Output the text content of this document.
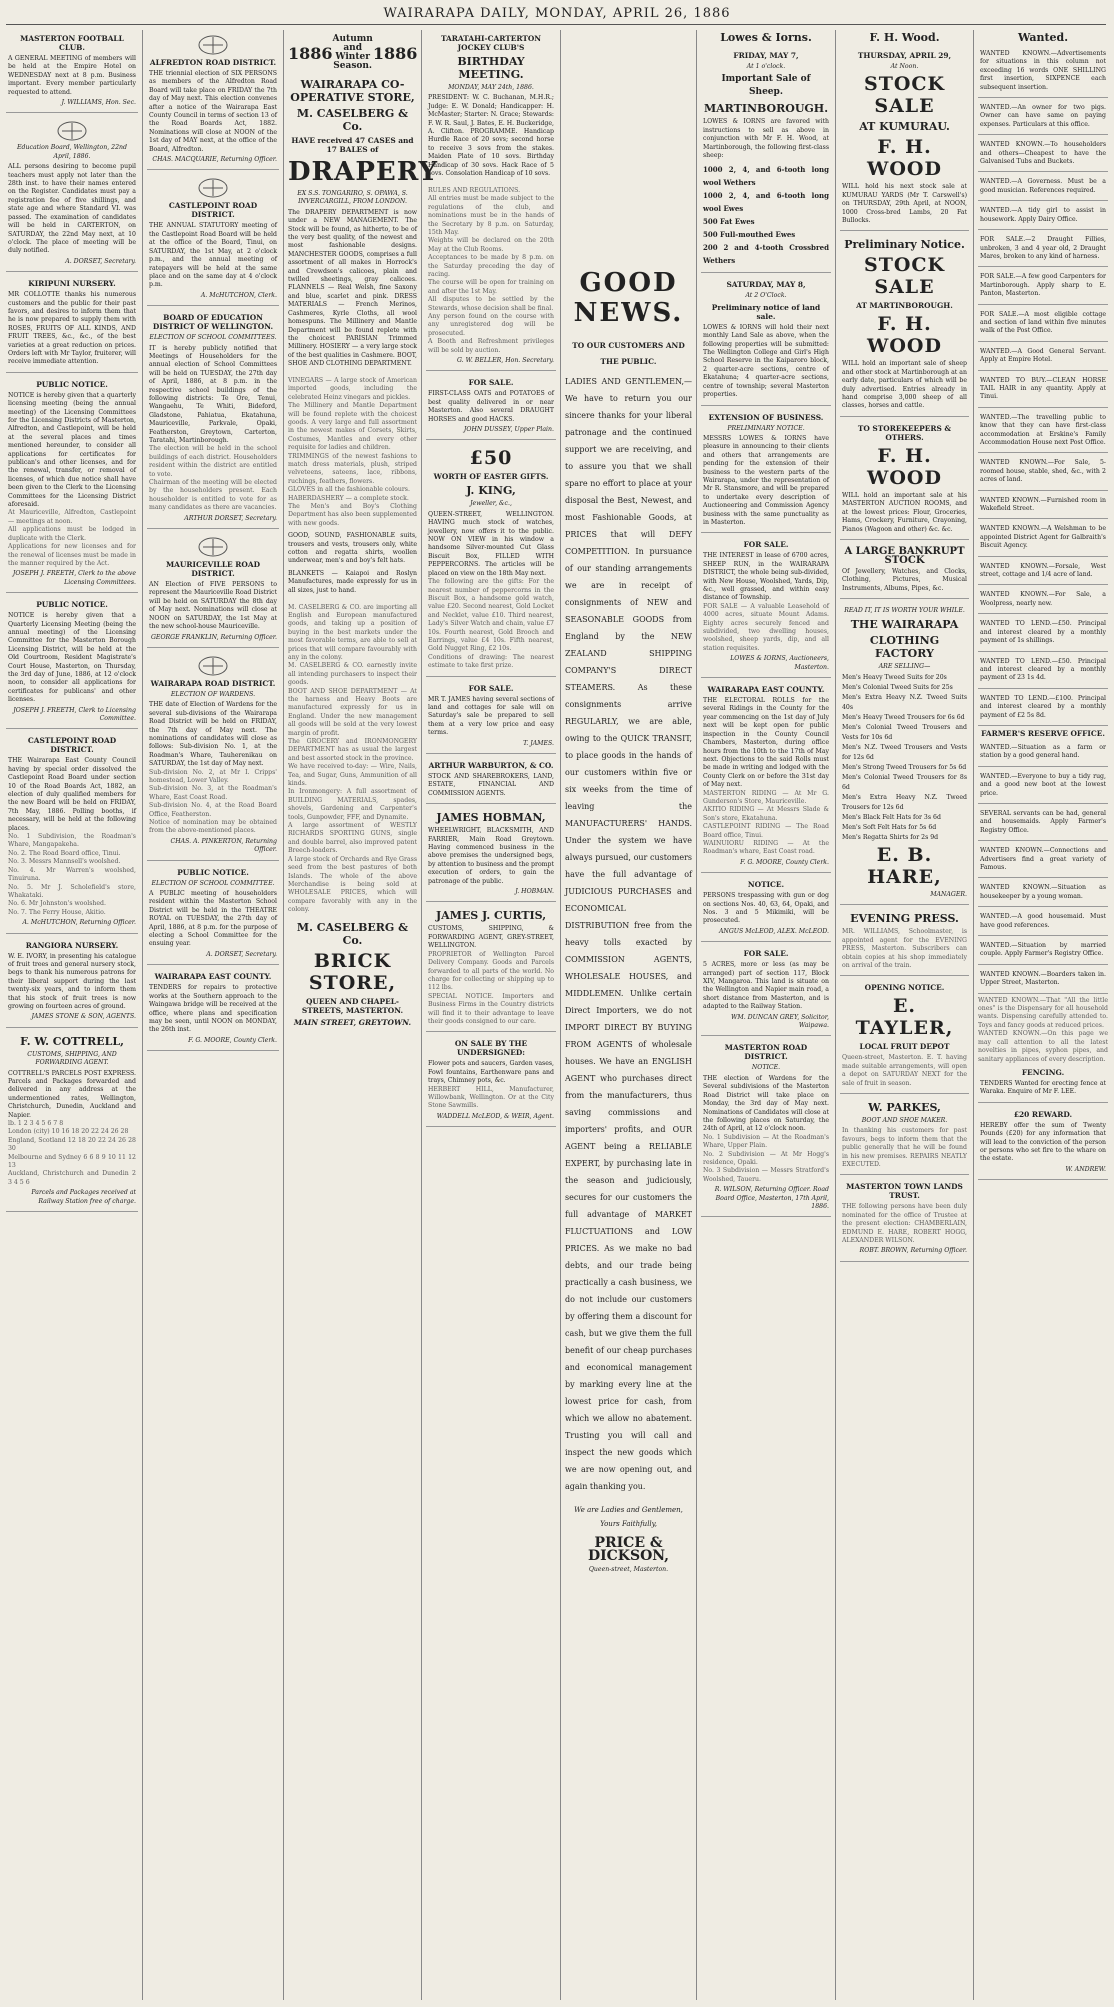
WAIRARAPA DAILY, MONDAY, APRIL 26, 1886
MASTERTON FOOTBALL CLUB.
A GENERAL MEETING of members will be held at the Empire Hotel on WEDNESDAY next at 8 p.m. Business important. Every member particularly requested to attend.
J. WILLIAMS, Hon. Sec.
Education Board, Wellington, 22nd April, 1886.
ALL persons desiring to become pupil teachers must apply not later than the 28th inst. to have their names entered on the Register. Candidates must pay a registration fee of five shillings, and state age and where Standard VI. was passed. The examination of candidates will be held in CARTERTON, on SATURDAY, the 22nd May next, at 10 o'clock. The place of meeting will be duly notified.
A. DORSET, Secretary.
KIRIPUNI NURSERY.
MR COLLOTTE thanks his numerous customers and the public for their past favors, and desires to inform them that he is now prepared to supply them with ROSES, FRUITS OF ALL KINDS, AND FRUIT TREES, &c., &c., of the best varieties at a great reduction on prices. Orders left with Mr Taylor, fruiterer, will receive immediate attention.
PUBLIC NOTICE.
NOTICE is hereby given that a quarterly licensing meeting (being the annual meeting) of the Licensing Committees for the Licensing Districts of Masterton, Alfredton, and Castlepoint, will be held at the several places and times mentioned hereunder, to consider all applications for certificates for publican's and other licenses, and for the renewal, transfer, or removal of licenses, of which due notice shall have been given to the Clerk to the Licensing Committees for the Licensing District aforesaid.
At Mauriceville, Alfredton, Castlepoint — meetings at noon.
All applications must be lodged in duplicate with the Clerk.
Applications for new licenses and for the renewal of licenses must be made in the manner required by the Act.
JOSEPH J. FREETH, Clerk to the above Licensing Committees.
PUBLIC NOTICE.
NOTICE is hereby given that a Quarterly Licensing Meeting (being the annual meeting) of the Licensing Committee for the Masterton Borough Licensing District, will be held at the Old Courtroom, Resident Magistrate's Court House, Masterton, on Thursday, the 3rd day of June, 1886, at 12 o'clock noon, to consider all applications for certificates for publicans' and other licenses.
JOSEPH J. FREETH, Clerk to Licensing Committee.
CASTLEPOINT ROAD DISTRICT.
THE Wairarapa East County Council having by special order dissolved the Castlepoint Road Board under section 10 of the Road Boards Act, 1882, an election of duly qualified members for the new Board will be held on FRIDAY, 7th May, 1886. Polling booths, if necessary, will be held at the following places.
No. 1 Subdivision, the Roadman's Whare, Mangapakeha.
No. 2. The Road Board office, Tinui.
No. 3. Messrs Mannsell's woolshed.
No. 4. Mr Warren's woolshed, Tinuiruna.
No. 5. Mr J. Scholefield's store, Whakataki.
No. 6. Mr Johnston's woolshed.
No. 7. The Ferry House, Akitio.
A. McHUTCHON, Returning Officer.
RANGIORA NURSERY.
W. E. IVORY, in presenting his catalogue of fruit trees and general nursery stock, begs to thank his numerous patrons for their liberal support during the last twenty-six years, and to inform them that his stock of fruit trees is now growing on fourteen acres of ground.
JAMES STONE & SON, AGENTS.
F. W. COTTRELL,
CUSTOMS, SHIPPING, AND FORWARDING AGENT.
COTTRELL'S PARCELS POST EXPRESS. Parcels and Packages forwarded and delivered in any address at the undermentioned rates, Wellington, Christchurch, Dunedin, Auckland and Napier.
lb. 1 2 3 4 5 6 7 8
London (city) 10 16 18 20 22 24 26 28
England, Scotland 12 18 20 22 24 26 28 30
Melbourne and Sydney 6 6 8 9 10 11 12 13
Auckland, Christchurch and Dunedin 2 3 4 5 6
Parcels and Packages received at Railway Station free of charge.
ALFREDTON ROAD DISTRICT.
THE triennial election of SIX PERSONS as members of the Alfredton Road Board will take place on FRIDAY the 7th day of May next. This election convenes after a notice of the Wairarapa East County Council in terms of section 13 of the Road Boards Act, 1882. Nominations will close at NOON of the 1st day of MAY next, at the office of the Board, Alfredton.
CHAS. MACQUARIE, Returning Officer.
CASTLEPOINT ROAD DISTRICT.
THE ANNUAL STATUTORY meeting of the Castlepoint Road Board will be held at the office of the Board, Tinui, on SATURDAY, the 1st May, at 2 o'clock p.m., and the annual meeting of ratepayers will be held at the same place and on the same day at 4 o'clock p.m.
A. McHUTCHON, Clerk.
BOARD OF EDUCATION DISTRICT OF WELLINGTON.
ELECTION OF SCHOOL COMMITTEES.
IT is hereby publicly notified that Meetings of Householders for the annual election of School Committees will be held on TUESDAY, the 27th day of April, 1886, at 8 p.m. in the respective school buildings of the following districts: Te Ore, Tenui, Wangaehu, Te Whiti, Bideford, Gladstone, Pahiatua, Ekatahuna, Mauriceville, Parkvale, Opaki, Featherston, Greytown, Carterton, Taratahi, Martinborough.
The election will be held in the school buildings of each district. Householders resident within the district are entitled to vote.
Chairman of the meeting will be elected by the householders present. Each householder is entitled to vote for as many candidates as there are vacancies.
ARTHUR DORSET, Secretary.
MAURICEVILLE ROAD DISTRICT.
AN Election of FIVE PERSONS to represent the Mauriceville Road District will be held on SATURDAY the 8th day of May next. Nominations will close at NOON on SATURDAY, the 1st May at the new school-house Mauriceville.
GEORGE FRANKLIN, Returning Officer.
WAIRARAPA ROAD DISTRICT.
ELECTION OF WARDENS.
THE date of Election of Wardens for the several sub-divisions of the Wairarapa Road District will be held on FRIDAY, the 7th day of May next. The nominations of candidates will close as follows: Sub-division No. 1, at the Roadman's Whare, Tauherenikau on SATURDAY, the 1st day of May next.
Sub-division No. 2, at Mr I. Cripps' homestead, Lower Valley.
Sub-division No. 3, at the Roadman's Whare, East Coast Road.
Sub-division No. 4, at the Road Board Office, Featherston.
Notice of nomination may be obtained from the above-mentioned places.
CHAS. A. PINKERTON, Returning Officer.
PUBLIC NOTICE.
ELECTION OF SCHOOL COMMITTEE.
A PUBLIC meeting of householders resident within the Masterton School District will be held in the THEATRE ROYAL on TUESDAY, the 27th day of April, 1886, at 8 p.m. for the purpose of electing a School Committee for the ensuing year.
A. DORSET, Secretary.
WAIRARAPA EAST COUNTY.
TENDERS for repairs to protective works at the Southern approach to the Waingawa bridge will be received at the office, where plans and specification may be seen, until NOON on MONDAY, the 26th inst.
F. G. MOORE, County Clerk.
1886
Autumn and Winter Season.
1886
WAIRARAPA CO-OPERATIVE STORE,
M. CASELBERG & Co.
HAVE received 47 CASES and 17 BALES of
DRAPERY
EX S.S. TONGARIRO, S. OPAWA, S. INVERCARGILL, FROM LONDON.
The DRAPERY DEPARTMENT is now under a NEW MANAGEMENT. The Stock will be found, as hitherto, to be of the very best quality, of the newest and most fashionable designs. MANCHESTER GOODS, comprises a full assortment of all makes in Horrock's and Crewdson's calicoes, plain and twilled sheetings, gray calicoes. FLANNELS — Real Welsh, fine Saxony and blue, scarlet and pink. DRESS MATERIALS — French Merinos, Cashmeres, Kyrle Cloths, all wool homespuns. The Millinery and Mantle Department will be found replete with the choicest PARISIAN Trimmed Millinery. HOSIERY — a very large stock of the best qualities in Cashmere. BOOT, SHOE AND CLOTHING DEPARTMENT.

VINEGARS — A large stock of American imported goods, including the celebrated Heinz vinegars and pickles.
The Millinery and Mantle Department will be found replete with the choicest goods. A very large and full assortment in the newest makes of Corsets, Skirts, Costumes, Mantles and every other requisite for ladies and children.
TRIMMINGS of the newest fashions to match dress materials, plush, striped velveteens, sateens, lace, ribbons, ruchings, feathers, flowers.
GLOVES in all the fashionable colours.
HABERDASHERY — a complete stock.
The Men's and Boy's Clothing Department has also been supplemented with new goods.
GOOD, SOUND, FASHIONABLE suits, trousers and vests, trousers only, white cotton and regatta shirts, woollen underwear, men's and boy's felt hats.
BLANKETS — Kaiapoi and Roslyn Manufactures, made expressly for us in all sizes, just to hand.

M. CASELBERG & CO. are importing all English and European manufactured goods, and taking up a position of buying in the best markets under the most favorable terms, are able to sell at prices that will compare favourably with any in the colony.
M. CASELBERG & CO. earnestly invite all intending purchasers to inspect their goods.
BOOT AND SHOE DEPARTMENT — At the harness and Heavy Boots are manufactured expressly for us in England. Under the new management all goods will be sold at the very lowest margin of profit.
The GROCERY and IRONMONGERY DEPARTMENT has as usual the largest and best assorted stock in the province.
We have received to-day: — Wire, Nails, Tea, and Sugar, Guns, Ammunition of all kinds.
In Ironmongery: A full assortment of BUILDING MATERIALS, spades, shovels, Gardening and Carpenter's tools, Gunpowder, FFF, and Dynamite.
A large assortment of WESTLY RICHARDS SPORTING GUNS, single and double barrel, also improved patent Breech-loaders.
A large stock of Orchards and Rye Grass seed from the best pastures of both Islands. The whole of the above Merchandise is being sold at WHOLESALE PRICES, which will compare favorably with any in the colony.
M. CASELBERG & Co.
BRICK STORE,
QUEEN AND CHAPEL-STREETS, MASTERTON.
MAIN STREET, GREYTOWN.
TARATAHI-CARTERTON JOCKEY CLUB'S
BIRTHDAY MEETING.
MONDAY, MAY 24th, 1886.
PRESIDENT: W. C. Buchanan, M.H.R.; Judge: E. W. Donald; Handicapper: H. McMaster; Starter: N. Grace; Stewards: F. W. R. Saul, J. Bates, E. H. Buckeridge, A. Clifton. PROGRAMME. Handicap Hurdle Race of 20 sovs; second horse to receive 3 sovs from the stakes. Maiden Plate of 10 sovs. Birthday Handicap of 30 sovs. Hack Race of 5 sovs. Consolation Handicap of 10 sovs.

RULES AND REGULATIONS.
All entries must be made subject to the regulations of the club, and nominations must be in the hands of the Secretary by 8 p.m. on Saturday, 15th May.
Weights will be declared on the 20th May at the Club Rooms.
Acceptances to be made by 8 p.m. on the Saturday preceding the day of racing.
The course will be open for training on and after the 1st May.
All disputes to be settled by the Stewards, whose decision shall be final.
Any person found on the course with any unregistered dog will be prosecuted.
A Booth and Refreshment privileges will be sold by auction.
G. W. BELLER, Hon. Secretary.
FOR SALE.
FIRST-CLASS OATS and POTATOES of best quality delivered in or near Masterton. Also several DRAUGHT HORSES and good HACKS.
JOHN DUSSEY, Upper Plain.
£50
WORTH OF EASTER GIFTS.
J. KING,
Jeweller, &c.,
QUEEN-STREET, WELLINGTON. HAVING much stock of watches, jewellery, now offers it to the public. NOW ON VIEW in his window a handsome Silver-mounted Cut Glass Biscuit Box, FILLED WITH PEPPERCORNS. The articles will be placed on view on the 18th May next.
The following are the gifts: For the nearest number of peppercorns in the Biscuit Box, a handsome gold watch, value £20. Second nearest, Gold Locket and Necklet, value £10. Third nearest, Lady's Silver Watch and chain, value £7 10s. Fourth nearest, Gold Brooch and Earrings, value £4 10s. Fifth nearest, Gold Nugget Ring, £2 10s.
Conditions of drawing: The nearest estimate to take first prize.
FOR SALE.
MR T. JAMES having several sections of land and cottages for sale will on Saturday's sale be prepared to sell them at a very low price and easy terms.
T. JAMES.
ARTHUR WARBURTON, & CO.
STOCK AND SHAREBROKERS, LAND, ESTATE, FINANCIAL AND COMMISSION AGENTS.
JAMES HOBMAN,
WHEELWRIGHT, BLACKSMITH, AND FARRIER, Main Road Greytown. Having commenced business in the above premises the undersigned begs, by attention to business and the prompt execution of orders, to gain the patronage of the public.
J. HOBMAN.
JAMES J. CURTIS,
CUSTOMS, SHIPPING, & FORWARDING AGENT, GREY-STREET, WELLINGTON.
PROPRIETOR of Wellington Parcel Delivery Company. Goods and Parcels forwarded to all parts of the world. No charge for collecting or shipping up to 112 lbs.
SPECIAL NOTICE. Importers and Business Firms in the Country districts will find it to their advantage to leave their goods consigned to our care.
ON SALE BY THE UNDERSIGNED:
Flower pots and saucers, Garden vases, Fowl fountains, Earthenware pans and trays, Chimney pots, &c.
HERBERT HILL, Manufacturer, Willowbank, Wellington. Or at the City Stone Sawmills.
WADDELL McLEOD, & WEIR, Agent.
GOOD NEWS.
TO OUR CUSTOMERS AND THE PUBLIC.
LADIES AND GENTLEMEN,— We have to return you our sincere thanks for your liberal patronage and the continued support we are receiving, and to assure you that we shall spare no effort to place at your disposal the Best, Newest, and most Fashionable Goods, at PRICES that will DEFY COMPETITION. In pursuance of our standing arrangements we are in receipt of consignments of NEW and SEASONABLE GOODS from England by the NEW ZEALAND SHIPPING COMPANY'S DIRECT STEAMERS. As these consignments arrive REGULARLY, we are able, owing to the QUICK TRANSIT, to place goods in the hands of our customers within five or six weeks from the time of leaving the MANUFACTURERS' HANDS. Under the system we have always pursued, our customers have the full advantage of JUDICIOUS PURCHASES and ECONOMICAL DISTRIBUTION free from the heavy tolls exacted by COMMISSION AGENTS, WHOLESALE HOUSES, and MIDDLEMEN. Unlike certain Direct Importers, we do not IMPORT DIRECT BY BUYING FROM AGENTS of wholesale houses. We have an ENGLISH AGENT who purchases direct from the manufacturers, thus saving commissions and importers' profits, and OUR AGENT being a RELIABLE EXPERT, by purchasing late in the season and judiciously, secures for our customers the full advantage of MARKET FLUCTUATIONS and LOW PRICES. As we make no bad debts, and our trade being practically a cash business, we do not include our customers by offering them a discount for cash, but we give them the full benefit of our cheap purchases and economical management by marking every line at the lowest price for cash, from which we allow no abatement. Trusting you will call and inspect the new goods which we are now opening out, and again thanking you.
We are Ladies and Gentlemen, Yours Faithfully,
PRICE & DICKSON,
Queen-street, Masterton.
Lowes & Iorns.
FRIDAY, MAY 7,
At 1 o'clock.
Important Sale of Sheep.
MARTINBOROUGH.
LOWES & IORNS are favored with instructions to sell as above in conjunction with Mr F. H. Wood, at Martinborough, the following first-class sheep:
1000 2, 4, and 6-tooth long wool Wethers
1000 2, 4, and 6-tooth long wool Ewes
500 Fat Ewes
500 Full-mouthed Ewes
200 2 and 4-tooth Crossbred Wethers
SATURDAY, MAY 8,
At 2 O'Clock.
Preliminary notice of land sale.
LOWES & IORNS will hold their next monthly Land Sale as above, when the following properties will be submitted: The Wellington College and Girl's High School Reserve in the Kaiparoro block, 2 quarter-acre sections, centre of Ekatahuna; 4 quarter-acre sections, centre of township; several Masterton properties.
EXTENSION OF BUSINESS.
PRELIMINARY NOTICE.
MESSRS LOWES & IORNS have pleasure in announcing to their clients and others that arrangements are pending for the extension of their business to the western parts of the Wairarapa, under the representation of Mr R. Stansmore, and will be prepared to undertake every description of Auctioneering and Commission Agency business with the same punctuality as in Masterton.
FOR SALE.
THE INTEREST in lease of 6700 acres, SHEEP RUN, in the WAIRARAPA DISTRICT, the whole being sub-divided, with New House, Woolshed, Yards, Dip, &c., well grassed, and within easy distance of Township.
FOR SALE — A valuable Leasehold of 4000 acres, situate Mount Adams. Eighty acres securely fenced and subdivided, two dwelling houses, woolshed, sheep yards, dip, and all station requisites.
LOWES & IORNS, Auctioneers, Masterton.
WAIRARAPA EAST COUNTY.
THE ELECTORAL ROLLS for the several Ridings in the County for the year commencing on the 1st day of July next will be kept open for public inspection in the County Council Chambers, Masterton, during office hours from the 10th to the 17th of May next. Objections to the said Rolls must be made in writing and lodged with the County Clerk on or before the 31st day of May next.
MASTERTON RIDING — At Mr G. Gunderson's Store, Mauriceville.
AKITIO RIDING — At Messrs Slade & Son's store, Ekatahuna.
CASTLEPOINT RIDING — The Road Board office, Tinui.
WAINUIORU RIDING — At the Roadman's whare, East Coast road.
F. G. MOORE, County Clerk.
NOTICE.
PERSONS trespassing with gun or dog on sections Nos. 40, 63, 64, Opaki, and Nos. 3 and 5 Mikimiki, will be prosecuted.
ANGUS McLEOD, ALEX. McLEOD.
FOR SALE.
5 ACRES, more or less (as may be arranged) part of section 117, Block XIV, Mangaroa. This land is situate on the Wellington and Napier main road, a short distance from Masterton, and is adapted to the Railway Station.
WM. DUNCAN GREY, Solicitor, Waipawa.
MASTERTON ROAD DISTRICT.
NOTICE.
THE election of Wardens for the Several subdivisions of the Masterton Road District will take place on Monday, the 3rd day of May next. Nominations of Candidates will close at the following places on Saturday, the 24th of April, at 12 o'clock noon.
No. 1 Subdivision — At the Roadman's Whare, Upper Plain.
No. 2 Subdivision — At Mr Hogg's residence, Opaki.
No. 3 Subdivision — Messrs Stratford's Woolshed, Taueru.
R. WILSON, Returning Officer. Road Board Office, Masterton, 17th April, 1886.
F. H. Wood.
THURSDAY, APRIL 29,
At Noon.
STOCK SALE
AT KUMURAU.
F. H. WOOD
WILL hold his next stock sale at KUMURAU YARDS (Mr T. Carswell's) on THURSDAY, 29th April, at NOON, 1000 Cross-bred Lambs, 20 Fat Bullocks.
Preliminary Notice.
STOCK SALE
AT MARTINBOROUGH.
F. H. WOOD
WILL hold an important sale of sheep and other stock at Martinborough at an early date, particulars of which will be duly advertised. Entries already in hand comprise 3,000 sheep of all classes, horses and cattle.
TO STOREKEEPERS & OTHERS.
F. H. WOOD
WILL hold an important sale at his MASTERTON AUCTION ROOMS, and at the lowest prices: Flour, Groceries, Hams, Crockery, Furniture, Crayoning, Pianos (Wagoon and other) &c. &c.
A LARGE BANKRUPT STOCK
Of Jewellery, Watches, and Clocks, Clothing, Pictures, Musical Instruments, Albums, Pipes, &c.
READ IT, IT IS WORTH YOUR WHILE.
THE WAIRARAPA
CLOTHING FACTORY
ARE SELLING—
Men's Heavy Tweed Suits for 20s
Men's Colonial Tweed Suits for 25s
Men's Extra Heavy N.Z. Tweed Suits 40s
Men's Heavy Tweed Trousers for 6s 6d
Men's Colonial Tweed Trousers and Vests for 10s 6d
Men's N.Z. Tweed Trousers and Vests for 12s 6d
Men's Strong Tweed Trousers for 5s 6d
Men's Colonial Tweed Trousers for 8s 6d
Men's Extra Heavy N.Z. Tweed Trousers for 12s 6d
Men's Black Felt Hats for 3s 6d
Men's Soft Felt Hats for 5s 6d
Men's Regatta Shirts for 2s 9d
E. B. HARE,
MANAGER.
EVENING PRESS.
MR. WILLIAMS, Schoolmaster, is appointed agent for the EVENING PRESS, Masterton. Subscribers can obtain copies at his shop immediately on arrival of the train.
OPENING NOTICE.
E. TAYLER,
LOCAL FRUIT DEPOT
Queen-street, Masterton. E. T. having made suitable arrangements, will open a depot on SATURDAY NEXT for the sale of fruit in season.
W. PARKES,
BOOT AND SHOE MAKER.
In thanking his customers for past favours, begs to inform them that the public generally that he will be found in his new premises. REPAIRS NEATLY EXECUTED.
MASTERTON TOWN LANDS TRUST.
THE following persons have been duly nominated for the office of Trustee at the present election: CHAMBERLAIN, EDMUND E. HARE, ROBERT HOGG, ALEXANDER WILSON.
ROBT. BROWN, Returning Officer.
Wanted.
WANTED KNOWN.—Advertisements for situations in this column not exceeding 16 words ONE SHILLING first insertion, SIXPENCE each subsequent insertion.
WANTED.—An owner for two pigs. Owner can have same on paying expenses. Particulars at this office.
WANTED KNOWN.—To householders and others—Cheapest to have the Galvanised Tubs and Buckets.
WANTED.—A Governess. Must be a good musician. References required.
WANTED.—A tidy girl to assist in housework. Apply Dairy Office.
FOR SALE.—2 Draught Fillies, unbroken, 3 and 4 year old, 2 Draught Mares, broken to any kind of harness.
FOR SALE.—A few good Carpenters for Martinborough. Apply sharp to E. Panton, Masterton.
FOR SALE.—A most eligible cottage and section of land within five minutes walk of the Post Office.
WANTED.—A Good General Servant. Apply at Empire Hotel.
WANTED TO BUY.—CLEAN HORSE TAIL HAIR in any quantity. Apply at Tinui.
WANTED.—The travelling public to know that they can have first-class accommodation at Erskine's Family Accommodation House next Post Office.
WANTED KNOWN.—For Sale, 5-roomed house, stable, shed, &c., with 2 acres of land.
WANTED KNOWN.—Furnished room in Wakefield Street.
WANTED KNOWN.—A Welshman to be appointed District Agent for Galbraith's Biscuit Agency.
WANTED KNOWN.—Forsale, West street, cottage and 1/4 acre of land.
WANTED KNOWN.—For Sale, a Woolpress, nearly new.
WANTED TO LEND.—£50. Principal and interest cleared by a monthly payment of 1s shillings.
WANTED TO LEND.—£50. Principal and interest cleared by a monthly payment of 23 1s 4d.
WANTED TO LEND.—£100. Principal and interest cleared by a monthly payment of £2 5s 8d.
FARMER'S RESERVE OFFICE.
WANTED.—Situation as a farm or station by a good general hand.
WANTED.—Everyone to buy a tidy rug, and a good new boot at the lowest price.
SEVERAL servants can be had, general and housemaids. Apply Farmer's Registry Office.
WANTED KNOWN.—Connections and Advertisers find a great variety of Famous.
WANTED KNOWN.—Situation as housekeeper by a young woman.
WANTED.—A good housemaid. Must have good references.
WANTED.—Situation by married couple. Apply Farmer's Registry Office.
WANTED KNOWN.—Boarders taken in. Upper Street, Masterton.
WANTED KNOWN.—That "All the little ones" is the Dispensary for all household wants. Dispensing carefully attended to. Toys and fancy goods at reduced prices.
WANTED KNOWN.—On this page we may call attention to all the latest novelties in pipes, syphon pipes, and sanitary appliances of every description.
FENCING.
TENDERS Wanted for erecting fence at Waraka. Enquire of Mr F. LEE.
£20 REWARD.
HEREBY offer the sum of Twenty Pounds (£20) for any information that will lead to the conviction of the person or persons who set fire to the whare on the estate.
W. ANDREW.
